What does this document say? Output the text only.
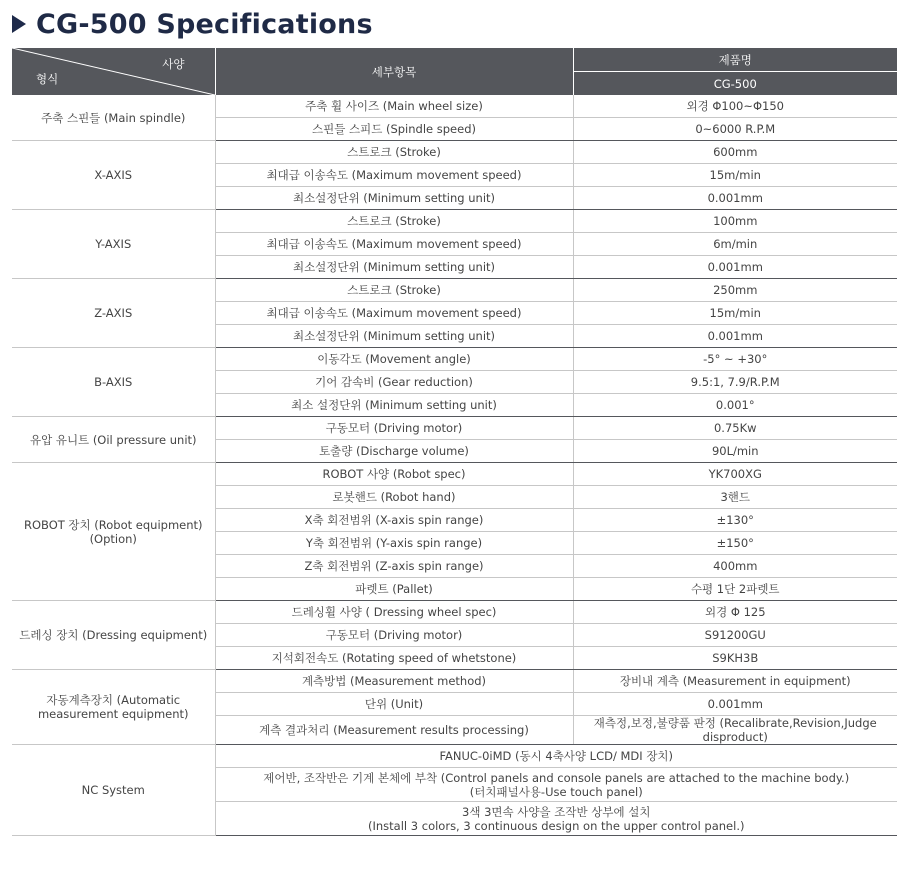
CG-500 Specifications
사양
형식	세부항목	제품명
		CG-500
주축 스핀들 (Main spindle)	주축 휠 사이즈 (Main wheel size)	외경 Φ100~Φ150
	스핀들 스피드 (Spindle speed)	0~6000 R.P.M
X-AXIS	스트로크 (Stroke)	600mm
	최대급 이송속도 (Maximum movement speed)	15m/min
	최소설정단위 (Minimum setting unit)	0.001mm
Y-AXIS	스트로크 (Stroke)	100mm
	최대급 이송속도 (Maximum movement speed)	6m/min
	최소설정단위 (Minimum setting unit)	0.001mm
Z-AXIS	스트로크 (Stroke)	250mm
	최대급 이송속도 (Maximum movement speed)	15m/min
	최소설정단위 (Minimum setting unit)	0.001mm
B-AXIS	이동각도 (Movement angle)	-5° ~ +30°
	기어 감속비 (Gear reduction)	9.5:1, 7.9/R.P.M
	최소 설정단위 (Minimum setting unit)	0.001°
유압 유니트 (Oil pressure unit)	구동모터 (Driving motor)	0.75Kw
	토출량 (Discharge volume)	90L/min
ROBOT 장치 (Robot equipment) (Option)	ROBOT 사양 (Robot spec)	YK700XG
	로봇핸드 (Robot hand)	3핸드
	X축 회전범위 (X-axis spin range)	±130°
	Y축 회전범위 (Y-axis spin range)	±150°
	Z축 회전범위 (Z-axis spin range)	400mm
	파렛트 (Pallet)	수평 1단 2파렛트
드레싱 장치 (Dressing equipment)	드레싱휠 사양 ( Dressing wheel spec)	외경 Φ 125
	구동모터 (Driving motor)	S91200GU
	지석회전속도 (Rotating speed of whetstone)	S9KH3B
자동계측장치 (Automatic measurement equipment)	계측방법 (Measurement method)	장비내 계측 (Measurement in equipment)
	단위 (Unit)	0.001mm
	계측 결과처리 (Measurement results processing)	재측정,보정,불량품 판정 (Recalibrate,Revision,Judge disproduct)
NC System	FANUC-0iMD (동시 4축사양 LCD/ MDI 장치)	

	제어반, 조작반은 기계 본체에 부착 (Control panels and console panels are attached to the machine body.)
(터치패널사용-Use touch panel)	

	3색 3면속 사양을 조작반 상부에 설치
(Install 3 colors, 3 continuous design on the upper control panel.)	
